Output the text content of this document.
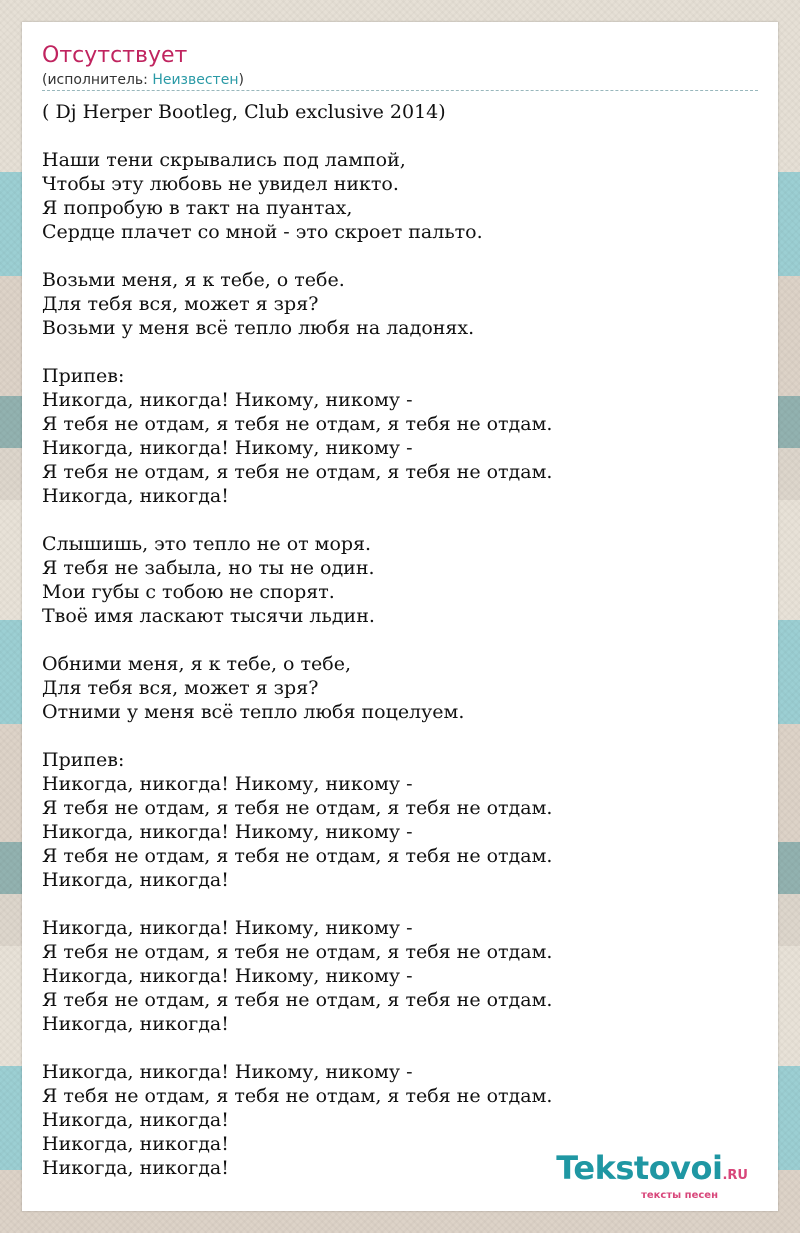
Отсутствует
(исполнитель: Неизвестен)
( Dj Herper Bootleg, Club exclusive 2014)

Наши тени скрывались под лампой,
Чтобы эту любовь не увидел никто.
Я попробую в такт на пуантах,
Сердце плачет со мной - это скроет пальто.

Возьми меня, я к тебе, о тебе.
Для тебя вся, может я зря?
Возьми у меня всё тепло любя на ладонях.

Припев:
Никогда, никогда! Никому, никому -
Я тебя не отдам, я тебя не отдам, я тебя не отдам.
Никогда, никогда! Никому, никому -
Я тебя не отдам, я тебя не отдам, я тебя не отдам.
Никогда, никогда!

Слышишь, это тепло не от моря.
Я тебя не забыла, но ты не один.
Мои губы с тобою не спорят.
Твоё имя ласкают тысячи льдин.

Обними меня, я к тебе, о тебе,
Для тебя вся, может я зря?
Отними у меня всё тепло любя поцелуем.

Припев:
Никогда, никогда! Никому, никому -
Я тебя не отдам, я тебя не отдам, я тебя не отдам.
Никогда, никогда! Никому, никому -
Я тебя не отдам, я тебя не отдам, я тебя не отдам.
Никогда, никогда!

Никогда, никогда! Никому, никому -
Я тебя не отдам, я тебя не отдам, я тебя не отдам.
Никогда, никогда! Никому, никому -
Я тебя не отдам, я тебя не отдам, я тебя не отдам.
Никогда, никогда!

Никогда, никогда! Никому, никому -
Я тебя не отдам, я тебя не отдам, я тебя не отдам.
Никогда, никогда!
Никогда, никогда!
Никогда, никогда!	Tekstovoi.RU
тексты песен
